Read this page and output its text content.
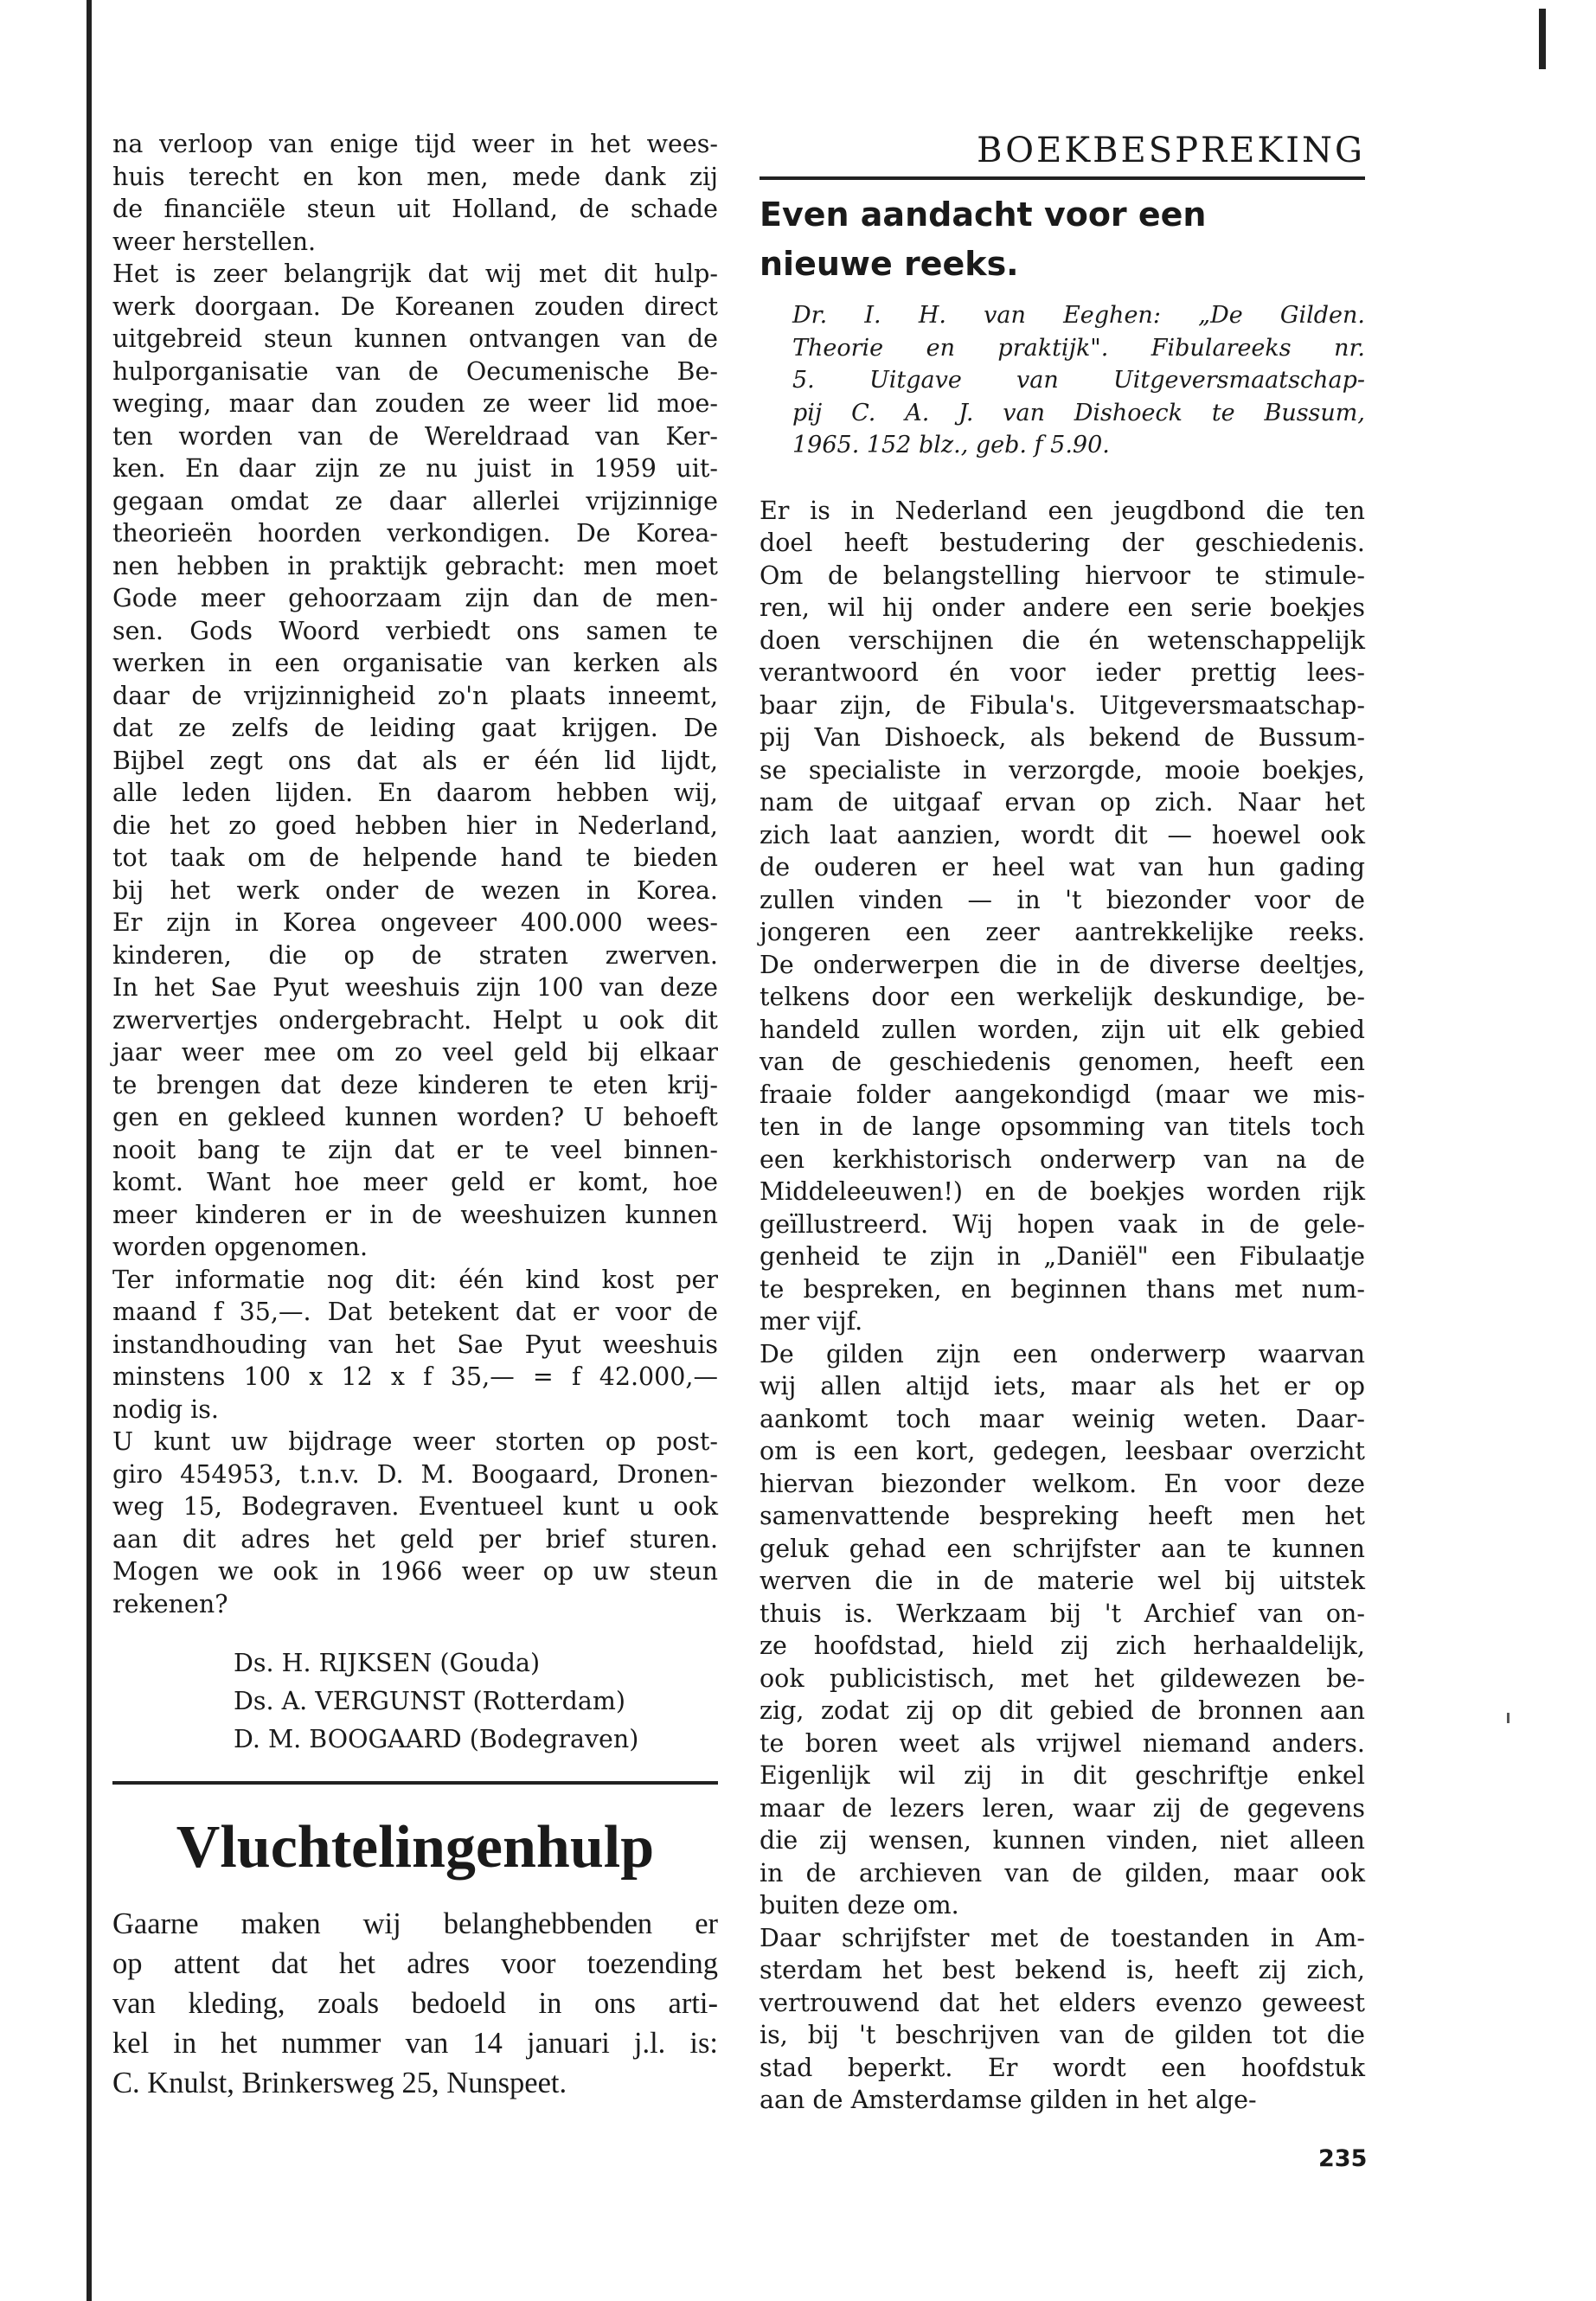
na verloop van enige tijd weer in het wees-
huis terecht en kon men, mede dank zij
de financiële steun uit Holland, de schade
weer herstellen.
Het is zeer belangrijk dat wij met dit hulp-
werk doorgaan. De Koreanen zouden direct
uitgebreid steun kunnen ontvangen van de
hulporganisatie van de Oecumenische Be-
weging, maar dan zouden ze weer lid moe-
ten worden van de Wereldraad van Ker-
ken. En daar zijn ze nu juist in 1959 uit-
gegaan omdat ze daar allerlei vrijzinnige
theorieën hoorden verkondigen. De Korea-
nen hebben in praktijk gebracht: men moet
Gode meer gehoorzaam zijn dan de men-
sen. Gods Woord verbiedt ons samen te
werken in een organisatie van kerken als
daar de vrijzinnigheid zo'n plaats inneemt,
dat ze zelfs de leiding gaat krijgen. De
Bijbel zegt ons dat als er één lid lijdt,
alle leden lijden. En daarom hebben wij,
die het zo goed hebben hier in Nederland,
tot taak om de helpende hand te bieden
bij het werk onder de wezen in Korea.
Er zijn in Korea ongeveer 400.000 wees-
kinderen, die op de straten zwerven.
In het Sae Pyut weeshuis zijn 100 van deze
zwervertjes ondergebracht. Helpt u ook dit
jaar weer mee om zo veel geld bij elkaar
te brengen dat deze kinderen te eten krij-
gen en gekleed kunnen worden? U behoeft
nooit bang te zijn dat er te veel binnen-
komt. Want hoe meer geld er komt, hoe
meer kinderen er in de weeshuizen kunnen
worden opgenomen.
Ter informatie nog dit: één kind kost per
maand f 35,—. Dat betekent dat er voor de
instandhouding van het Sae Pyut weeshuis
minstens 100 x 12 x f 35,— = f 42.000,—
nodig is.
U kunt uw bijdrage weer storten op post-
giro 454953, t.n.v. D. M. Boogaard, Dronen-
weg 15, Bodegraven. Eventueel kunt u ook
aan dit adres het geld per brief sturen.
Mogen we ook in 1966 weer op uw steun
rekenen?
Ds. H. RIJKSEN (Gouda)
Ds. A. VERGUNST (Rotterdam)
D. M. BOOGAARD (Bodegraven)
Vluchtelingenhulp
Gaarne maken wij belanghebbenden er
op attent dat het adres voor toezending
van kleding, zoals bedoeld in ons arti-
kel in het nummer van 14 januari j.l. is:
C. Knulst, Brinkersweg 25, Nunspeet.
BOEKBESPREKING
Even aandacht voor een
nieuwe reeks.
Dr. I. H. van Eeghen: „De Gilden.
Theorie en praktijk". Fibulareeks nr.
5. Uitgave van Uitgeversmaatschap-
pij C. A. J. van Dishoeck te Bussum,
1965. 152 blz., geb. f 5.90.
Er is in Nederland een jeugdbond die ten
doel heeft bestudering der geschiedenis.
Om de belangstelling hiervoor te stimule-
ren, wil hij onder andere een serie boekjes
doen verschijnen die én wetenschappelijk
verantwoord én voor ieder prettig lees-
baar zijn, de Fibula's. Uitgeversmaatschap-
pij Van Dishoeck, als bekend de Bussum-
se specialiste in verzorgde, mooie boekjes,
nam de uitgaaf ervan op zich. Naar het
zich laat aanzien, wordt dit — hoewel ook
de ouderen er heel wat van hun gading
zullen vinden — in 't biezonder voor de
jongeren een zeer aantrekkelijke reeks.
De onderwerpen die in de diverse deeltjes,
telkens door een werkelijk deskundige, be-
handeld zullen worden, zijn uit elk gebied
van de geschiedenis genomen, heeft een
fraaie folder aangekondigd (maar we mis-
ten in de lange opsomming van titels toch
een kerkhistorisch onderwerp van na de
Middeleeuwen!) en de boekjes worden rijk
geïllustreerd. Wij hopen vaak in de gele-
genheid te zijn in „Daniël" een Fibulaatje
te bespreken, en beginnen thans met num-
mer vijf.
De gilden zijn een onderwerp waarvan
wij allen altijd iets, maar als het er op
aankomt toch maar weinig weten. Daar-
om is een kort, gedegen, leesbaar overzicht
hiervan biezonder welkom. En voor deze
samenvattende bespreking heeft men het
geluk gehad een schrijfster aan te kunnen
werven die in de materie wel bij uitstek
thuis is. Werkzaam bij 't Archief van on-
ze hoofdstad, hield zij zich herhaaldelijk,
ook publicistisch, met het gildewezen be-
zig, zodat zij op dit gebied de bronnen aan
te boren weet als vrijwel niemand anders.
Eigenlijk wil zij in dit geschriftje enkel
maar de lezers leren, waar zij de gegevens
die zij wensen, kunnen vinden, niet alleen
in de archieven van de gilden, maar ook
buiten deze om.
Daar schrijfster met de toestanden in Am-
sterdam het best bekend is, heeft zij zich,
vertrouwend dat het elders evenzo geweest
is, bij 't beschrijven van de gilden tot die
stad beperkt. Er wordt een hoofdstuk
aan de Amsterdamse gilden in het alge-
235
